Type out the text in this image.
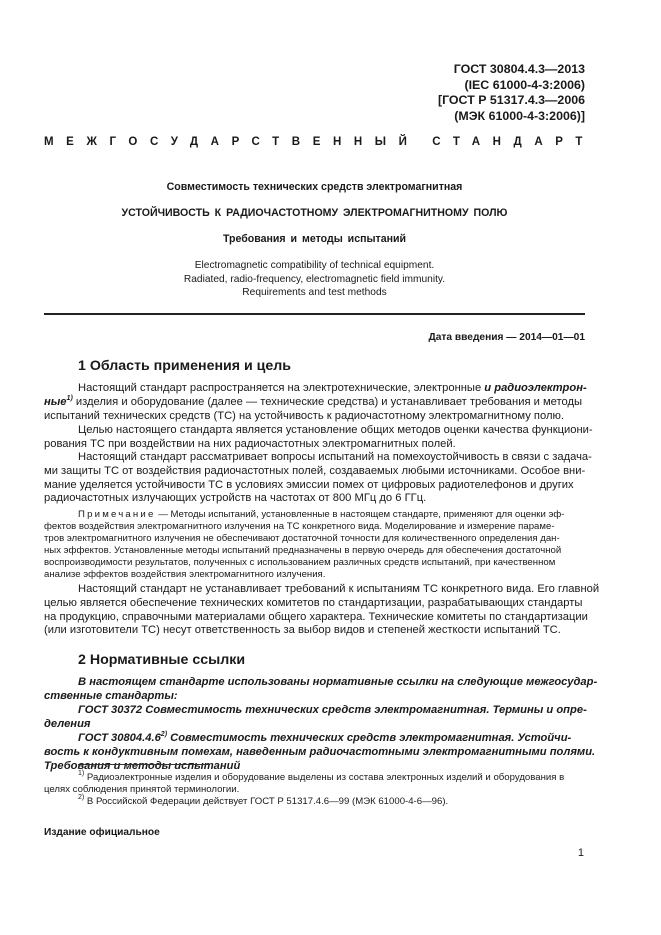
ГОСТ 30804.4.3—2013
(IEC 61000-4-3:2006)
[ГОСТ Р 51317.4.3—2006
(МЭК 61000-4-3:2006)]
МЕЖГОСУДАРСТВЕННЫЙ СТАНДАРТ
Совместимость технических средств электромагнитная
УСТОЙЧИВОСТЬ К РАДИОЧАСТОТНОМУ ЭЛЕКТРОМАГНИТНОМУ ПОЛЮ
Требования и методы испытаний
Electromagnetic compatibility of technical equipment.
Radiated, radio-frequency, electromagnetic field immunity.
Requirements and test methods
Дата введения — 2014—01—01
1 Область применения и цель
Настоящий стандарт распространяется на электротехнические, электронные и радиоэлектрон-
ные$^{1)}$ изделия и оборудование (далее — технические средства) и устанавливает требования и методы
испытаний технических средств (ТС) на устойчивость к радиочастотному электромагнитному полю.
Целью настоящего стандарта является установление общих методов оценки качества функциони-
рования ТС при воздействии на них радиочастотных электромагнитных полей.
Настоящий стандарт рассматривает вопросы испытаний на помехоустойчивость в связи с задача-
ми защиты ТС от воздействия радиочастотных полей, создаваемых любыми источниками. Особое вни-
мание уделяется устойчивости ТС в условиях эмиссии помех от цифровых радиотелефонов и других
радиочастотных излучающих устройств на частотах от 800 МГц до 6 ГГц.
Примечание — Методы испытаний, установленные в настоящем стандарте, применяют для оценки эф-
фектов воздействия электромагнитного излучения на ТС конкретного вида. Моделирование и измерение параме-
тров электромагнитного излучения не обеспечивают достаточной точности для количественного определения дан-
ных эффектов. Установленные методы испытаний предназначены в первую очередь для обеспечения достаточной
воспроизводимости результатов, полученных с использованием различных средств испытаний, при качественном
анализе эффектов воздействия электромагнитного излучения.
Настоящий стандарт не устанавливает требований к испытаниям ТС конкретного вида. Его главной
целью является обеспечение технических комитетов по стандартизации, разрабатывающих стандарты
на продукцию, справочными материалами общего характера. Технические комитеты по стандартизации
(или изготовители ТС) несут ответственность за выбор видов и степеней жесткости испытаний ТС.
2 Нормативные ссылки
В настоящем стандарте использованы нормативные ссылки на следующие межгосудар-
ственные стандарты:
ГОСТ 30372 Совместимость технических средств электромагнитная. Термины и опре-
деления
ГОСТ 30804.4.6$^{2)}$ Совместимость технических средств электромагнитная. Устойчи-
вость к кондуктивным помехам, наведенным радиочастотными электромагнитными полями.
Требования и методы испытаний
$^{1)}$ Радиоэлектронные изделия и оборудование выделены из состава электронных изделий и оборудования в
целях соблюдения принятой терминологии.
$^{2)}$ В Российской Федерации действует ГОСТ Р 51317.4.6—99 (МЭК 61000-4-6—96).
Издание официальное
1
